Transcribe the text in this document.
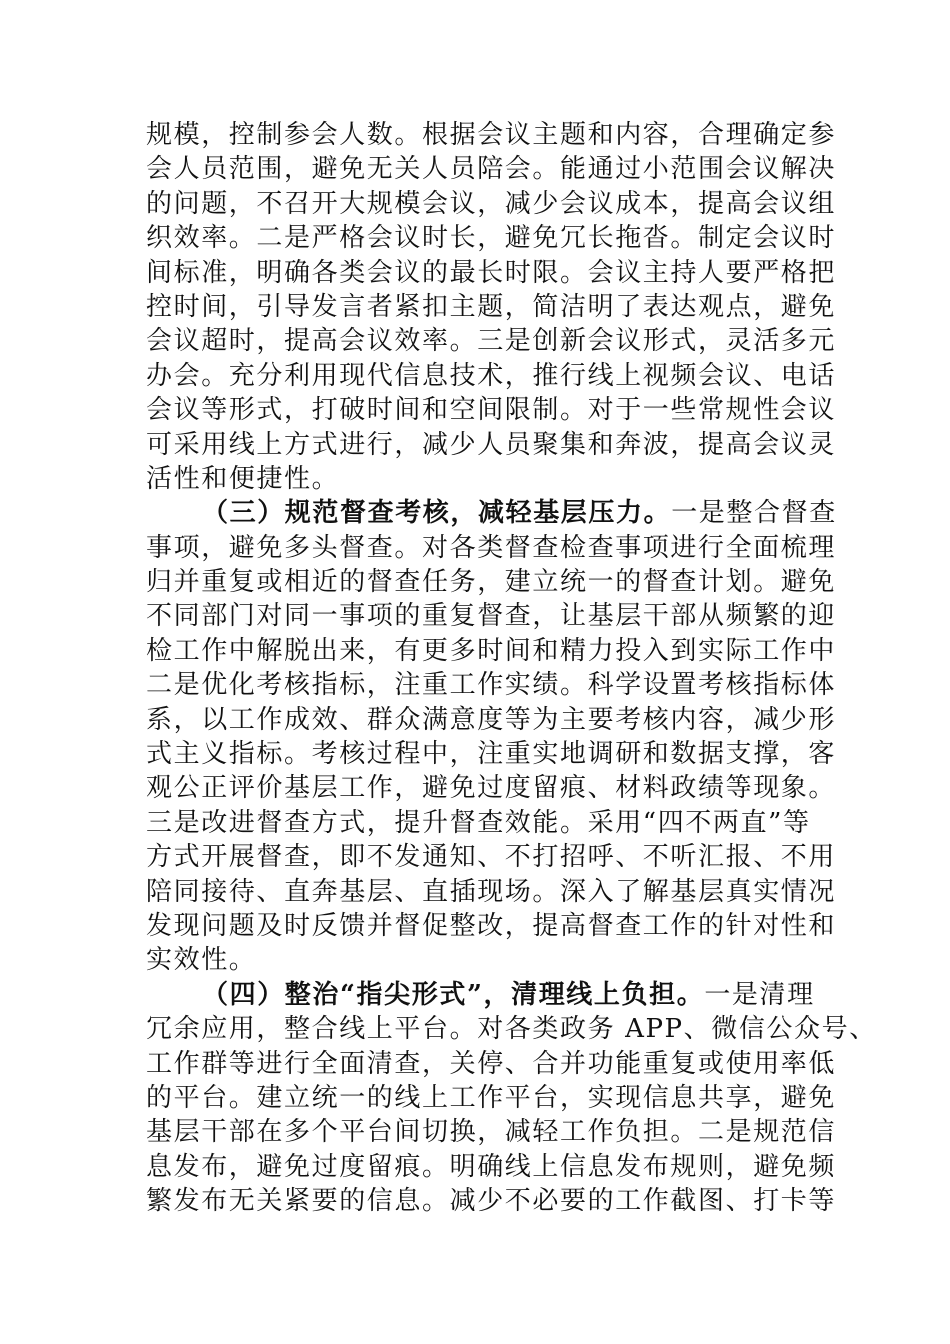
规模，控制参会人数。根据会议主题和内容，合理确定参
会人员范围，避免无关人员陪会。能通过小范围会议解决
的问题，不召开大规模会议，减少会议成本，提高会议组
织效率。二是严格会议时长，避免冗长拖沓。制定会议时
间标准，明确各类会议的最长时限。会议主持人要严格把
控时间，引导发言者紧扣主题，简洁明了表达观点，避免
会议超时，提高会议效率。三是创新会议形式，灵活多元
办会。充分利用现代信息技术，推行线上视频会议、电话
会议等形式，打破时间和空间限制。对于一些常规性会议
可采用线上方式进行，减少人员聚集和奔波，提高会议灵
活性和便捷性。
（三）规范督查考核，减轻基层压力。一是整合督查
事项，避免多头督查。对各类督查检查事项进行全面梳理
归并重复或相近的督查任务，建立统一的督查计划。避免
不同部门对同一事项的重复督查，让基层干部从频繁的迎
检工作中解脱出来，有更多时间和精力投入到实际工作中
二是优化考核指标，注重工作实绩。科学设置考核指标体
系，以工作成效、群众满意度等为主要考核内容，减少形
式主义指标。考核过程中，注重实地调研和数据支撑，客
观公正评价基层工作，避免过度留痕、材料政绩等现象。
三是改进督查方式，提升督查效能。采用“四不两直”等
方式开展督查，即不发通知、不打招呼、不听汇报、不用
陪同接待、直奔基层、直插现场。深入了解基层真实情况
发现问题及时反馈并督促整改，提高督查工作的针对性和
实效性。
（四）整治“指尖形式”，清理线上负担。一是清理
冗余应用，整合线上平台。对各类政务 APP、微信公众号、
工作群等进行全面清查，关停、合并功能重复或使用率低
的平台。建立统一的线上工作平台，实现信息共享，避免
基层干部在多个平台间切换，减轻工作负担。二是规范信
息发布，避免过度留痕。明确线上信息发布规则，避免频
繁发布无关紧要的信息。减少不必要的工作截图、打卡等
